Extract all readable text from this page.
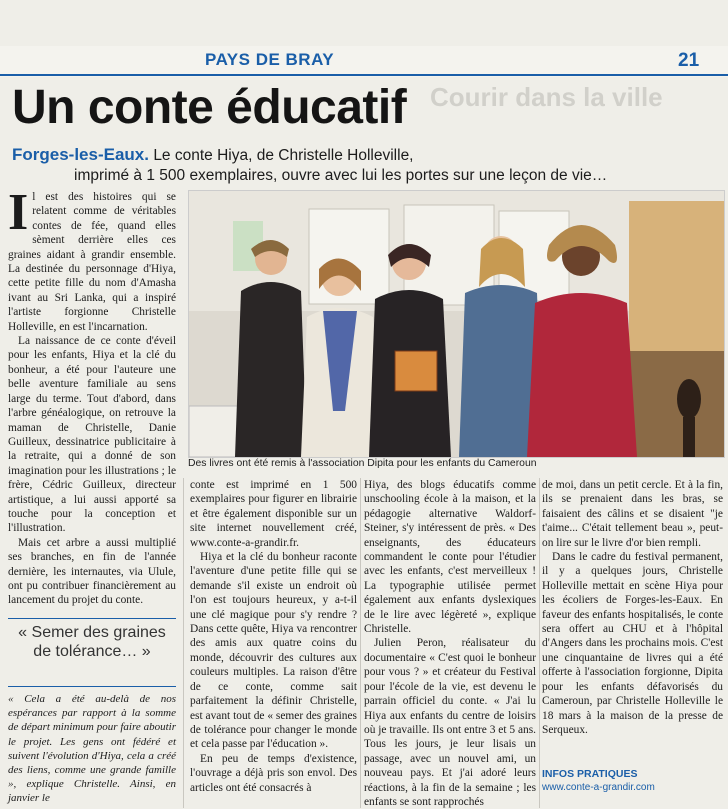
PAYS DE BRAY	21
Courir dans la ville
Un conte éducatif
Forges-les-Eaux. Le conte Hiya, de Christelle Holleville,
imprimé à 1 500 exemplaires, ouvre avec lui les portes sur une leçon de vie…
I l est des histoires qui se relatent comme de véritables contes de fée, quand elles sèment derrière elles ces graines aidant à grandir ensemble. La destinée du personnage d'Hiya, cette petite fille du nom d'Amasha ivant au Sri Lanka, qui a inspiré l'artiste forgionne Christelle Holleville, en est l'incarnation.

La naissance de ce conte d'éveil pour les enfants, Hiya et la clé du bonheur, a été pour l'auteure une belle aventure familiale au sens large du terme. Tout d'abord, dans l'arbre généalogique, on retrouve la maman de Christelle, Danie Guilleux, dessinatrice publicitaire à la retraite, qui a donné de son imagination pour les illustrations ; le frère, Cédric Guilleux, directeur artistique, a lui aussi apporté sa touche pour la conception et l'illustration.

Mais cet arbre a aussi multiplié ses branches, en fin de l'année dernière, les internautes, via Ulule, ont pu contribuer financièrement au lancement du projet du conte.

« Semer des graines de tolérance… »
« Cela a été au-delà de nos espérances par rapport à la somme de départ minimum pour faire aboutir le projet. Les gens ont fédéré et suivent l'évolution d'Hiya, cela a créé des liens, comme une grande famille », explique Christelle. Ainsi, en janvier le
Des livres ont été remis à l'association Dipita pour les enfants du Cameroun

conte est imprimé en 1 500 exemplaires pour figurer en librairie et être également disponible sur un site internet nouvellement créé, www.conte-a-grandir.fr.

Hiya et la clé du bonheur raconte l'aventure d'une petite fille qui se demande s'il existe un endroit où l'on est toujours heureux, y a-t-il une clé magique pour s'y rendre ? Dans cette quête, Hiya va rencontrer des amis aux quatre coins du monde, découvrir des cultures aux couleurs multiples. La raison d'être de ce conte, comme sait parfaitement la définir Christelle, est avant tout de « semer des graines de tolérance pour changer le monde et cela passe par l'éducation ».

En peu de temps d'existence, l'ouvrage a déjà pris son envol. Des articles ont été consacrés à

Hiya, des blogs éducatifs comme unschooling école à la maison, et la pédagogie alternative Waldorf-Steiner, s'y intéressent de près. « Des enseignants, des éducateurs commandent le conte pour l'étudier avec les enfants, c'est merveilleux ! La typographie utilisée permet également aux enfants dyslexiques de le lire avec légèreté », explique Christelle.

Julien Peron, réalisateur du documentaire « C'est quoi le bonheur pour vous ? » et créateur du Festival pour l'école de la vie, est devenu le parrain officiel du conte. « J'ai lu Hiya aux enfants du centre de loisirs où je travaille. Ils ont entre 3 et 5 ans. Tous les jours, je leur lisais un passage, avec un nouvel ami, un nouveau pays. Et j'ai adoré leurs réactions, à la fin de la semaine ; les enfants se sont rapprochés

de moi, dans un petit cercle. Et à la fin, ils se prenaient dans les bras, se faisaient des câlins et se disaient "je t'aime... C'était tellement beau », peut-on lire sur le livre d'or bien rempli.

Dans le cadre du festival permanent, il y a quelques jours, Christelle Holleville mettait en scène Hiya pour les écoliers de Forges-les-Eaux. En faveur des enfants hospitalisés, le conte sera offert au CHU et à l'hôpital d'Angers dans les prochains mois. C'est une cinquantaine de livres qui a été offerte à l'association forgionne, Dipita pour les enfants défavorisés du Cameroun, par Christelle Holleville le 18 mars à la maison de la presse de Serqueux.

INFOS PRATIQUES
www.conte-a-grandir.com
